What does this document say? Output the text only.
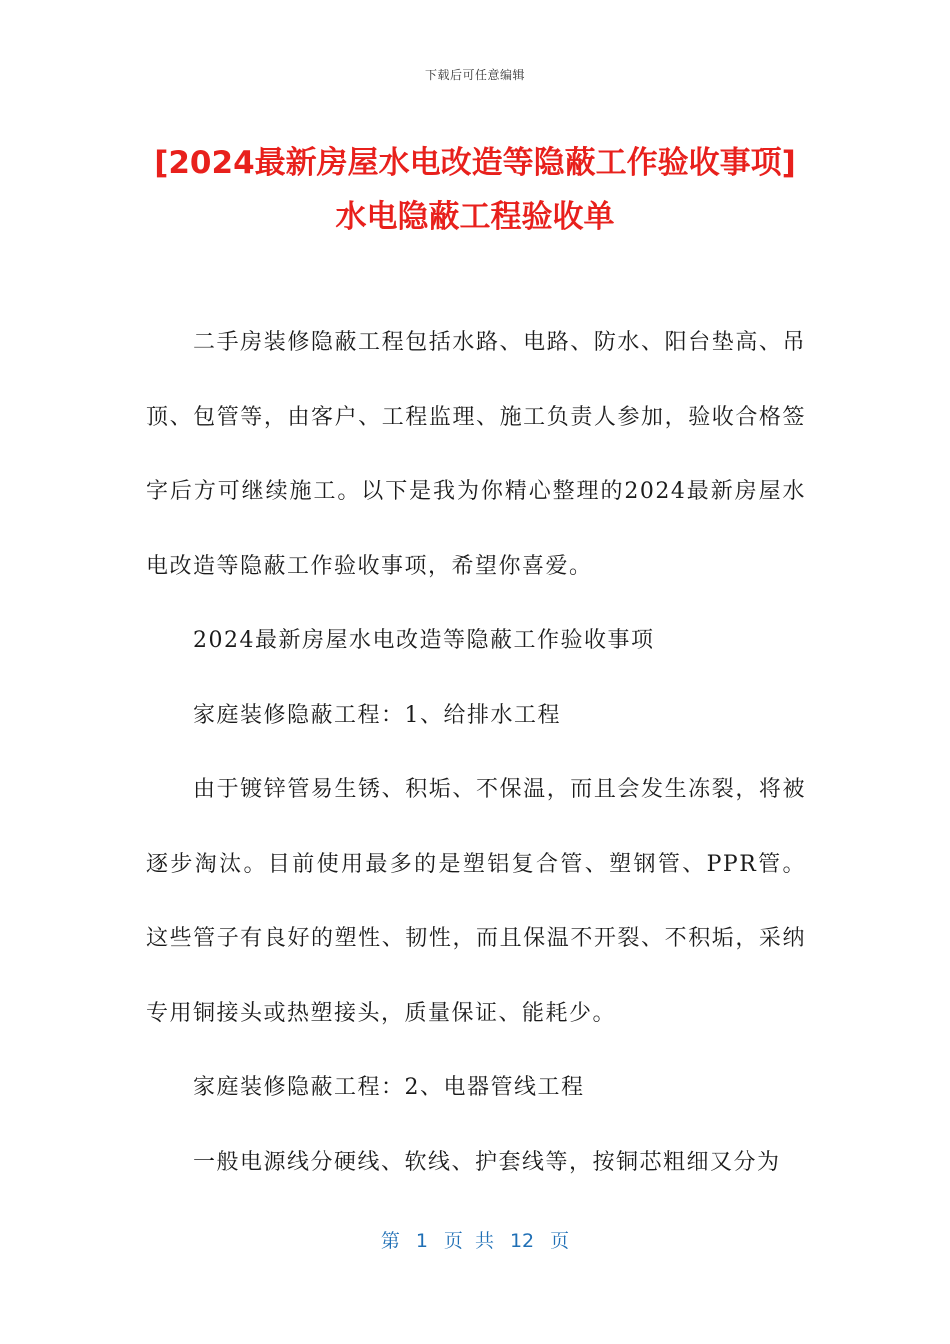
下载后可任意编辑
[2024最新房屋水电改造等隐蔽工作验收事项]水电隐蔽工程验收单

二手房装修隐蔽工程包括水路、电路、防水、阳台垫高、吊顶、包管等，由客户、工程监理、施工负责人参加，验收合格签字后方可继续施工。以下是我为你精心整理的2024最新房屋水电改造等隐蔽工作验收事项，希望你喜爱。

2024最新房屋水电改造等隐蔽工作验收事项

家庭装修隐蔽工程：1、给排水工程

由于镀锌管易生锈、积垢、不保温，而且会发生冻裂，将被逐步淘汰。目前使用最多的是塑铝复合管、塑钢管、PPR管。这些管子有良好的塑性、韧性，而且保温不开裂、不积垢，采纳专用铜接头或热塑接头，质量保证、能耗少。

家庭装修隐蔽工程：2、电器管线工程

一般电源线分硬线、软线、护套线等，按铜芯粗细又分为

第 1 页 共 12 页
